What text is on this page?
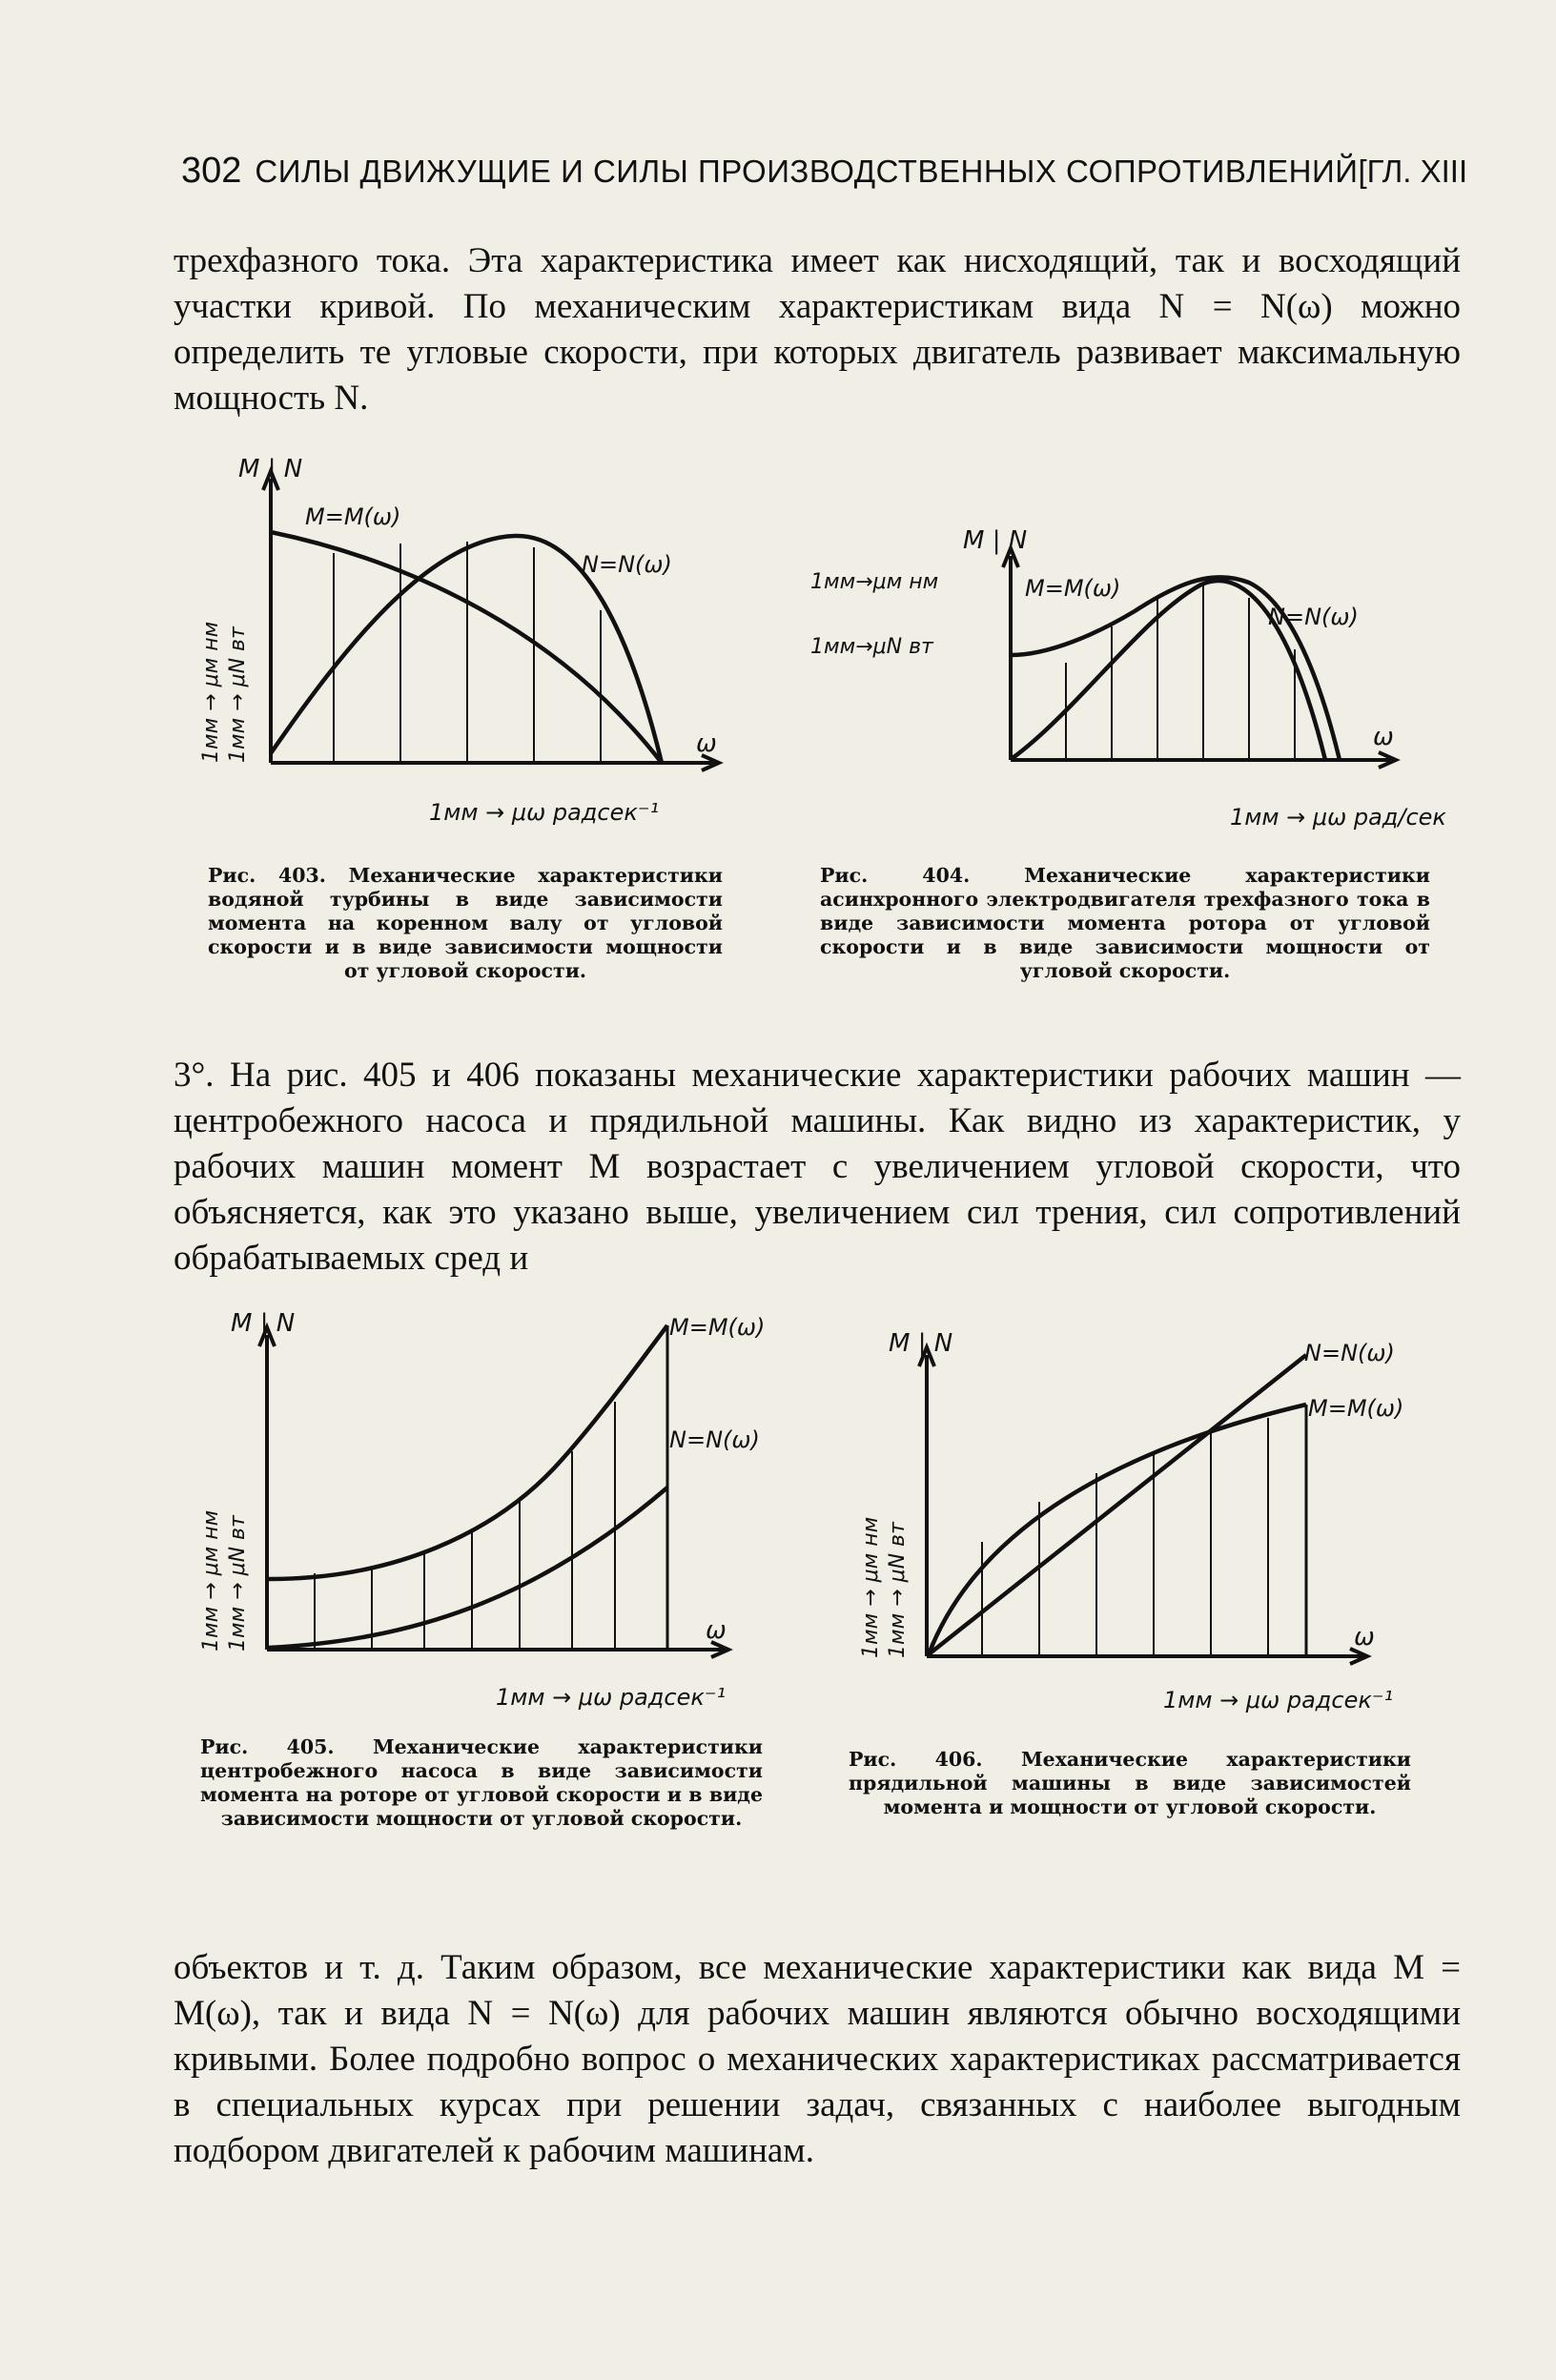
302 СИЛЫ ДВИЖУЩИЕ И СИЛЫ ПРОИЗВОДСТВЕННЫХ СОПРОТИВЛЕНИЙ [ГЛ. XIII

трехфазного тока. Эта характеристика имеет как нисходящий, так и восходящий участки кривой. По механическим характеристикам вида N = N(ω) можно определить те угловые скорости, при которых двигатель развивает максимальную мощность N.

M | N
M=M(ω)
N=N(ω)
ω
1мм → μω радсек⁻¹
1мм → μм нм 1мм → μN вт

Рис. 403. Механические характеристики водяной турбины в виде зависимости момента на коренном валу от угловой скорости и в виде зависимости мощности от угловой скорости.

M | N
M=M(ω)
N=N(ω)
1мм→μм нм
1мм→μN вт
ω
1мм → μω рад/сек

Рис. 404. Механические характеристики асинхронного электродвигателя трехфазного тока в виде зависимости момента ротора от угловой скорости и в виде зависимости мощности от угловой скорости.

3°. На рис. 405 и 406 показаны механические характеристики рабочих машин — центробежного насоса и прядильной машины. Как видно из характеристик, у рабочих машин момент M возрастает с увеличением угловой скорости, что объясняется, как это указано выше, увеличением сил трения, сил сопротивлений обрабатываемых сред и

M | N	M=M(ω)
N=N(ω)
ω
1мм → μω радсек⁻¹
1мм → μм нм 1мм → μN вт

Рис. 405. Механические характеристики центробежного насоса в виде зависимости момента на роторе от угловой скорости и в виде зависимости мощности от угловой скорости.

M | N	N=N(ω)
M=M(ω)
ω
1мм → μω радсек⁻¹
1мм → μм нм 1мм → μN вт

Рис. 406. Механические характеристики прядильной машины в виде зависимостей момента и мощности от угловой скорости.

объектов и т. д. Таким образом, все механические характеристики как вида M = M(ω), так и вида N = N(ω) для рабочих машин являются обычно восходящими кривыми. Более подробно вопрос о механических характеристиках рассматривается в специальных курсах при решении задач, связанных с наиболее выгодным подбором двигателей к рабочим машинам.
